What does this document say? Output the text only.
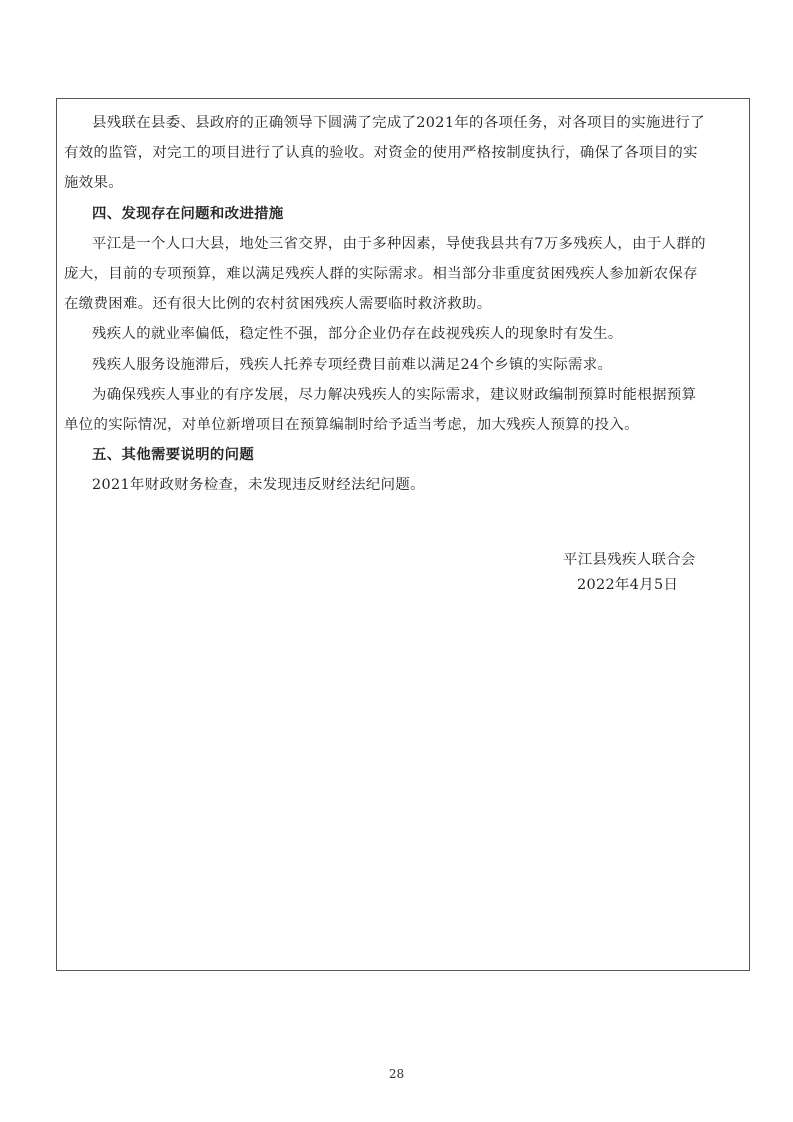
县残联在县委、县政府的正确领导下圆满了完成了2021年的各项任务，对各项目的实施进行了
有效的监管，对完工的项目进行了认真的验收。对资金的使用严格按制度执行，确保了各项目的实
施效果。

四、发现存在问题和改进措施

平江是一个人口大县，地处三省交界，由于多种因素，导使我县共有7万多残疾人，由于人群的
庞大，目前的专项预算，难以满足残疾人群的实际需求。相当部分非重度贫困残疾人参加新农保存
在缴费困难。还有很大比例的农村贫困残疾人需要临时救济救助。

残疾人的就业率偏低，稳定性不强，部分企业仍存在歧视残疾人的现象时有发生。

残疾人服务设施滞后，残疾人托养专项经费目前难以满足24个乡镇的实际需求。

为确保残疾人事业的有序发展，尽力解决残疾人的实际需求，建议财政编制预算时能根据预算
单位的实际情况，对单位新增项目在预算编制时给予适当考虑，加大残疾人预算的投入。

五、其他需要说明的问题

2021年财政财务检查，未发现违反财经法纪问题。

平江县残疾人联合会
2022年4月5日
28
